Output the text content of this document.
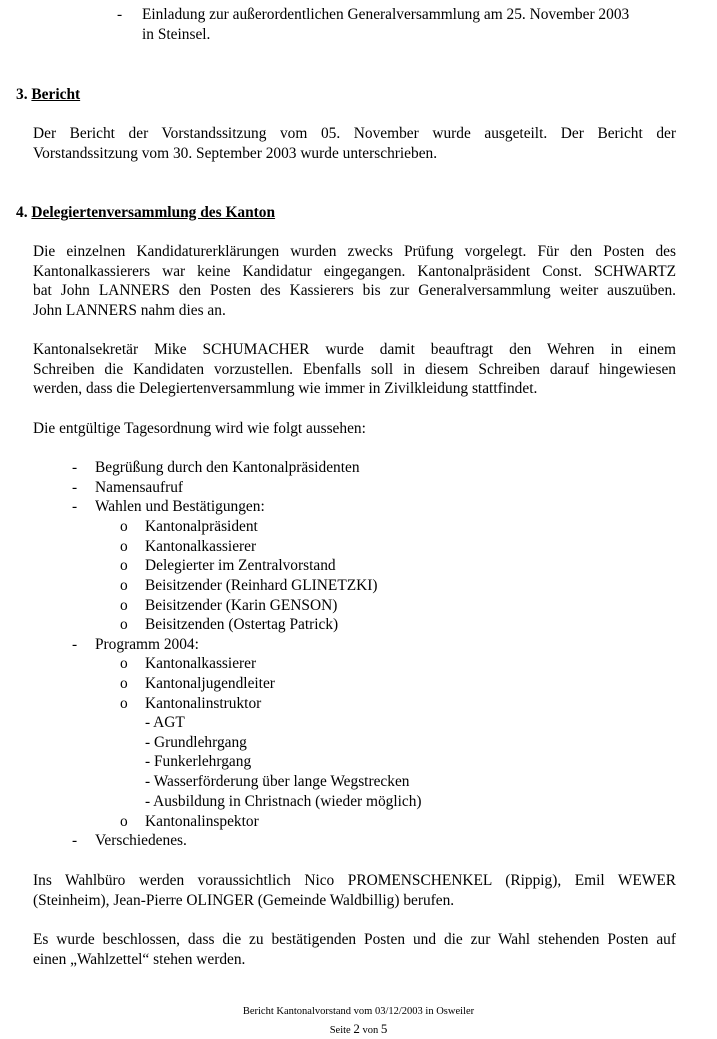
- Einladung zur außerordentlichen Generalversammlung am 25. November 2003
in Steinsel.
3. Bericht
Der Bericht der Vorstandssitzung vom 05. November wurde ausgeteilt. Der Bericht der
Vorstandssitzung vom 30. September 2003 wurde unterschrieben.
4. Delegiertenversammlung des Kanton
Die einzelnen Kandidaturerklärungen wurden zwecks Prüfung vorgelegt. Für den Posten des
Kantonalkassierers war keine Kandidatur eingegangen. Kantonalpräsident Const. SCHWARTZ
bat John LANNERS den Posten des Kassierers bis zur Generalversammlung weiter auszuüben.
John LANNERS nahm dies an.
Kantonalsekretär Mike SCHUMACHER wurde damit beauftragt den Wehren in einem
Schreiben die Kandidaten vorzustellen. Ebenfalls soll in diesem Schreiben darauf hingewiesen
werden, dass die Delegiertenversammlung wie immer in Zivilkleidung stattfindet.
Die entgültige Tagesordnung wird wie folgt aussehen:
- Begrüßung durch den Kantonalpräsidenten
- Namensaufruf
- Wahlen und Bestätigungen:
o Kantonalpräsident
o Kantonalkassierer
o Delegierter im Zentralvorstand
o Beisitzender (Reinhard GLINETZKI)
o Beisitzender (Karin GENSON)
o Beisitzenden (Ostertag Patrick)
- Programm 2004:
o Kantonalkassierer
o Kantonaljugendleiter
o Kantonalinstruktor
- AGT
- Grundlehrgang
- Funkerlehrgang
- Wasserförderung über lange Wegstrecken
- Ausbildung in Christnach (wieder möglich)
o Kantonalinspektor
- Verschiedenes.
Ins Wahlbüro werden voraussichtlich Nico PROMENSCHENKEL (Rippig), Emil WEWER
(Steinheim), Jean-Pierre OLINGER (Gemeinde Waldbillig) berufen.
Es wurde beschlossen, dass die zu bestätigenden Posten und die zur Wahl stehenden Posten auf
einen „Wahlzettel“ stehen werden.
Bericht Kantonalvorstand vom 03/12/2003 in Osweiler
Seite 2 von 5
